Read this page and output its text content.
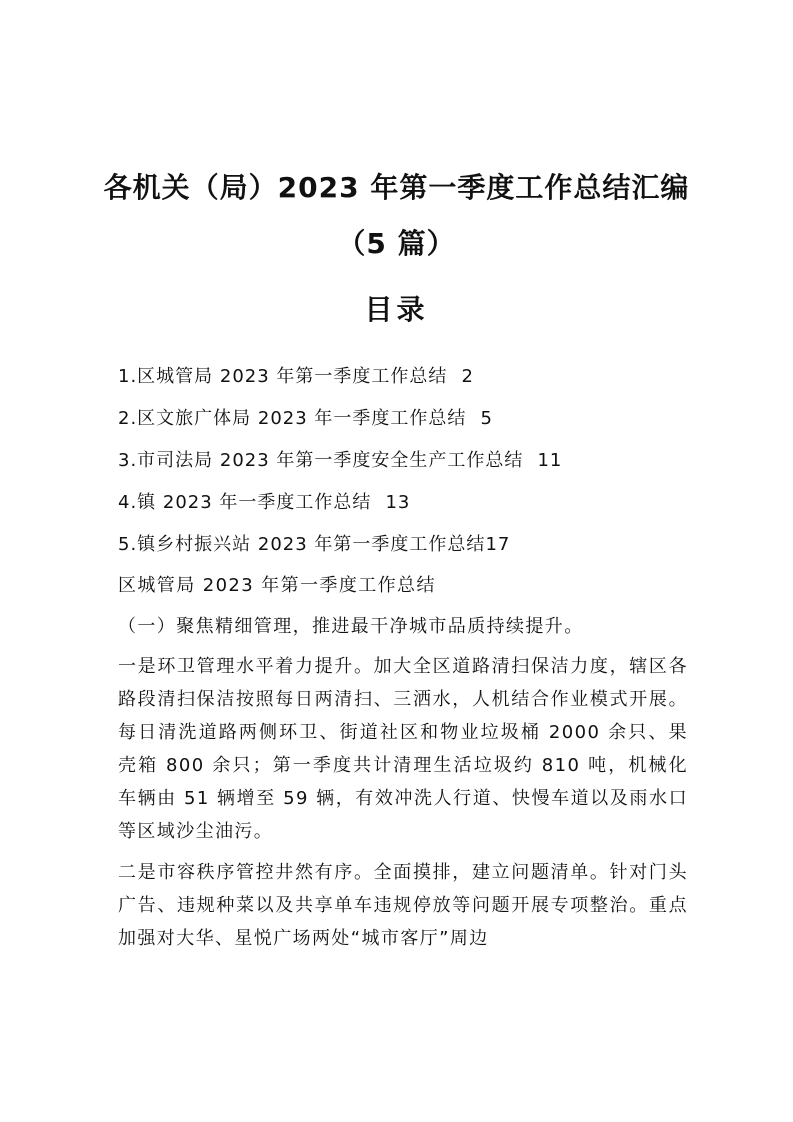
各机关（局）2023 年第一季度工作总结汇编
（5 篇）
目录
1.区城管局 2023 年第一季度工作总结 2
2.区文旅广体局 2023 年一季度工作总结 5
3.市司法局 2023 年第一季度安全生产工作总结 11
4.镇 2023 年一季度工作总结 13
5.镇乡村振兴站 2023 年第一季度工作总结17

区城管局 2023 年第一季度工作总结

（一）聚焦精细管理，推进最干净城市品质持续提升。

一是环卫管理水平着力提升。加大全区道路清扫保洁力度，辖区各路段清扫保洁按照每日两清扫、三洒水，人机结合作业模式开展。每日清洗道路两侧环卫、街道社区和物业垃圾桶 2000 余只、果壳箱 800 余只；第一季度共计清理生活垃圾约 810 吨，机械化车辆由 51 辆增至 59 辆，有效冲洗人行道、快慢车道以及雨水口等区域沙尘油污。

二是市容秩序管控井然有序。全面摸排，建立问题清单。针对门头广告、违规种菜以及共享单车违规停放等问题开展专项整治。重点加强对大华、星悦广场两处“城市客厅”周边
